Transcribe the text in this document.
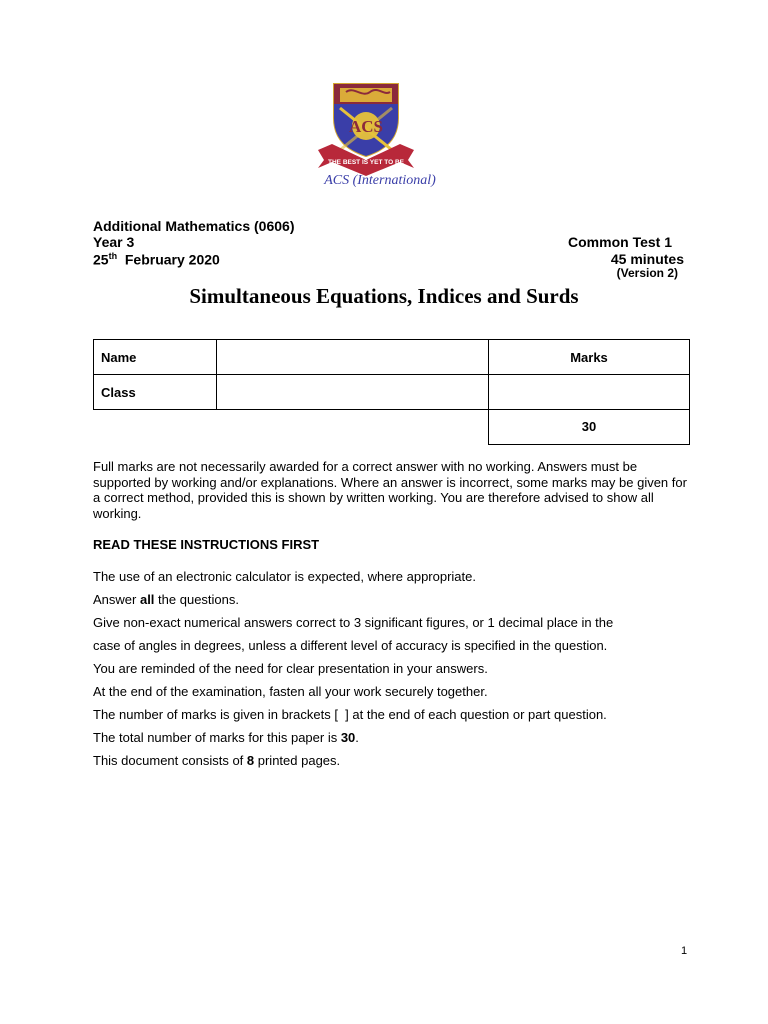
ACS
THE BEST IS YET TO BE
ACS (International)
Additional Mathematics (0606)
Year 3
25th  February 2020
Common Test 1
45 minutes
(Version 2)
Simultaneous Equations, Indices and Surds
Name		Marks
Class		
		30
Full marks are not necessarily awarded for a correct answer with no working. Answers must be supported by working and/or explanations. Where an answer is incorrect, some marks may be given for a correct method, provided this is shown by written working. You are therefore advised to show all working.
READ THESE INSTRUCTIONS FIRST
The use of an electronic calculator is expected, where appropriate.
Answer all the questions.
Give non-exact numerical answers correct to 3 significant figures, or 1 decimal place in the
case of angles in degrees, unless a different level of accuracy is specified in the question.
You are reminded of the need for clear presentation in your answers.
At the end of the examination, fasten all your work securely together.
The number of marks is given in brackets [  ] at the end of each question or part question.
The total number of marks for this paper is 30.
This document consists of 8 printed pages.
1
